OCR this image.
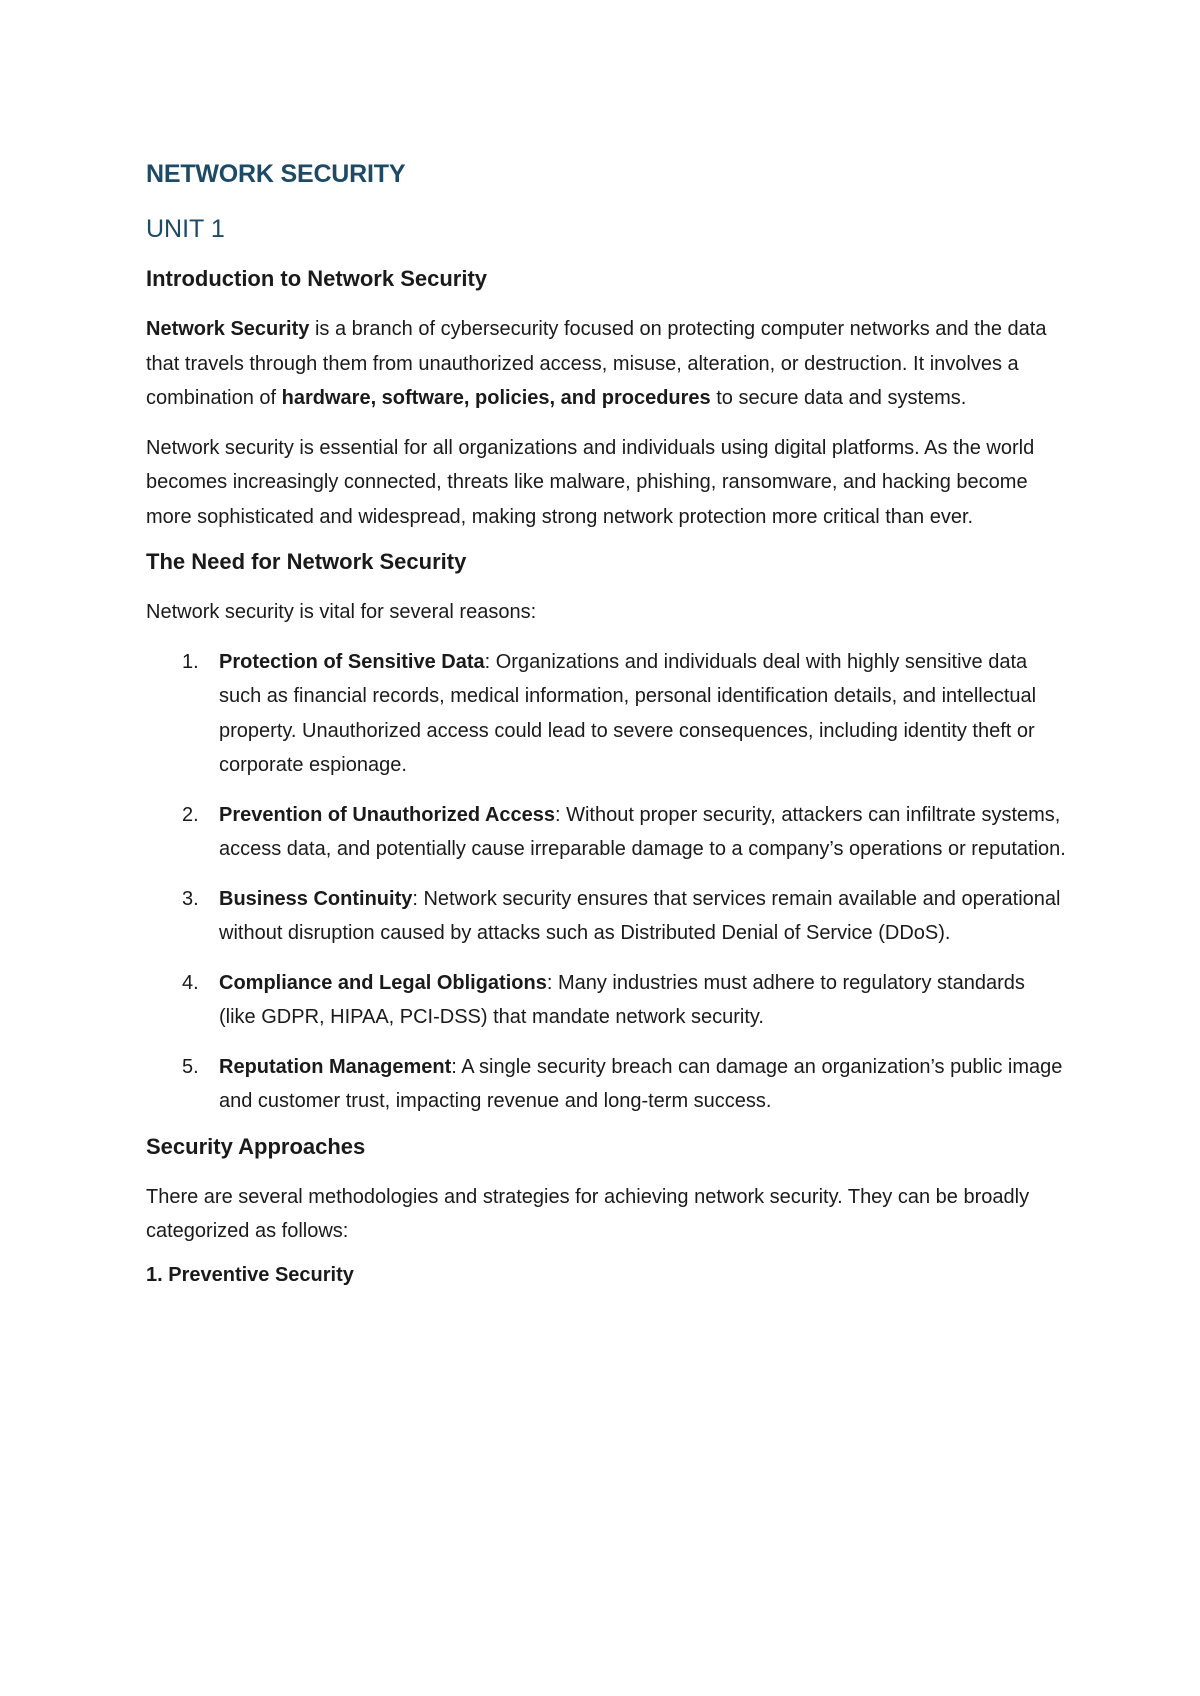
NETWORK SECURITY
UNIT 1
Introduction to Network Security

Network Security is a branch of cybersecurity focused on protecting computer networks and the data that travels through them from unauthorized access, misuse, alteration, or destruction. It involves a combination of hardware, software, policies, and procedures to secure data and systems.

Network security is essential for all organizations and individuals using digital platforms. As the world becomes increasingly connected, threats like malware, phishing, ransomware, and hacking become more sophisticated and widespread, making strong network protection more critical than ever.

The Need for Network Security

Network security is vital for several reasons:

1. Protection of Sensitive Data: Organizations and individuals deal with highly sensitive data such as financial records, medical information, personal identification details, and intellectual property. Unauthorized access could lead to severe consequences, including identity theft or corporate espionage.
2. Prevention of Unauthorized Access: Without proper security, attackers can infiltrate systems, access data, and potentially cause irreparable damage to a company’s operations or reputation.
3. Business Continuity: Network security ensures that services remain available and operational without disruption caused by attacks such as Distributed Denial of Service (DDoS).
4. Compliance and Legal Obligations: Many industries must adhere to regulatory standards (like GDPR, HIPAA, PCI-DSS) that mandate network security.
5. Reputation Management: A single security breach can damage an organization’s public image and customer trust, impacting revenue and long-term success.
Security Approaches

There are several methodologies and strategies for achieving network security. They can be broadly categorized as follows:

1. Preventive Security
